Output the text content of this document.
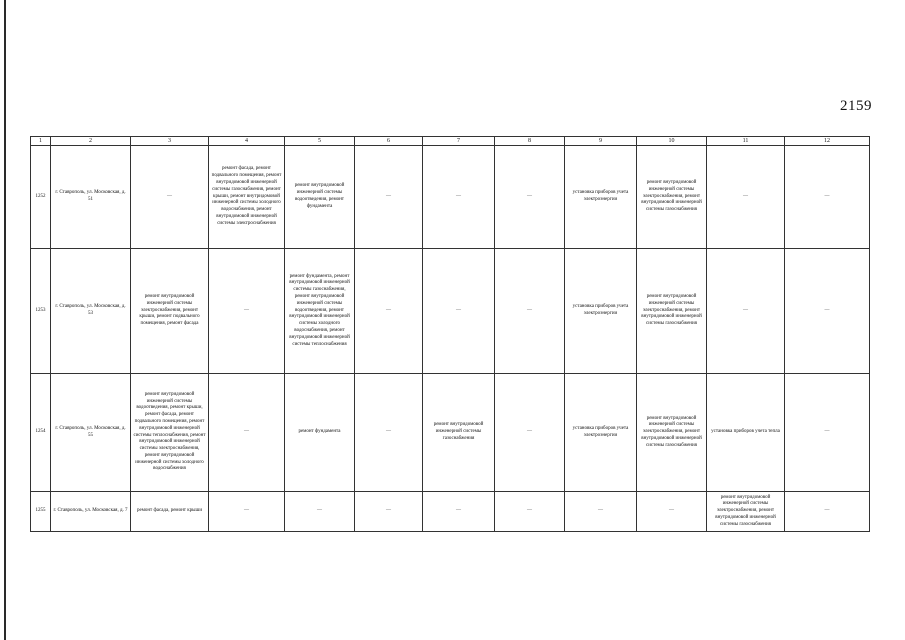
2159
1	2	3	4	5	6	7	8	9	10	11	12
1252	г. Ставрополь, ул. Московская, д. 51	—	ремонт фасада, ремонт подвального помещения, ремонт внутридомовой инженерной системы газоснабжения, ремонт крыши, ремонт внутридомовой инженерной системы холодного водоснабжения, ремонт внутридомовой инженерной системы электроснабжения	ремонт внутридомовой инженерной системы водоотведения, ремонт фундамента	—	—	—	установка приборов учета электроэнергии	ремонт внутридомовой инженерной системы электроснабжения, ремонт внутридомовой инженерной системы газоснабжения	—	—
1253	г. Ставрополь, ул. Московская, д. 53	ремонт внутридомовой инженерной системы электроснабжения, ремонт крыши, ремонт подвального помещения, ремонт фасада	—	ремонт фундамента, ремонт внутридомовой инженерной системы газоснабжения, ремонт внутридомовой инженерной системы водоотведения, ремонт внутридомовой инженерной системы холодного водоснабжения, ремонт внутридомовой инженерной системы теплоснабжения	—	—	—	установка приборов учета электроэнергии	ремонт внутридомовой инженерной системы электроснабжения, ремонт внутридомовой инженерной системы газоснабжения	—	—
1254	г. Ставрополь, ул. Московская, д. 55	ремонт внутридомовой инженерной системы водоотведения, ремонт крыши, ремонт фасада, ремонт подвального помещения, ремонт внутридомовой инженерной системы теплоснабжения, ремонт внутридомовой инженерной системы электроснабжения, ремонт внутридомовой инженерной системы холодного водоснабжения	—	ремонт фундамента	—	ремонт внутридомовой инженерной системы газоснабжения	—	установка приборов учета электроэнергии	ремонт внутридомовой инженерной системы электроснабжения, ремонт внутридомовой инженерной системы газоснабжения	установка приборов учета тепла	—
1255	г. Ставрополь, ул. Московская, д. 7	ремонт фасада, ремонт крыши	—	—	—	—	—	—	—	ремонт внутридомовой инженерной системы электроснабжения, ремонт внутридомовой инженерной системы газоснабжения	—
